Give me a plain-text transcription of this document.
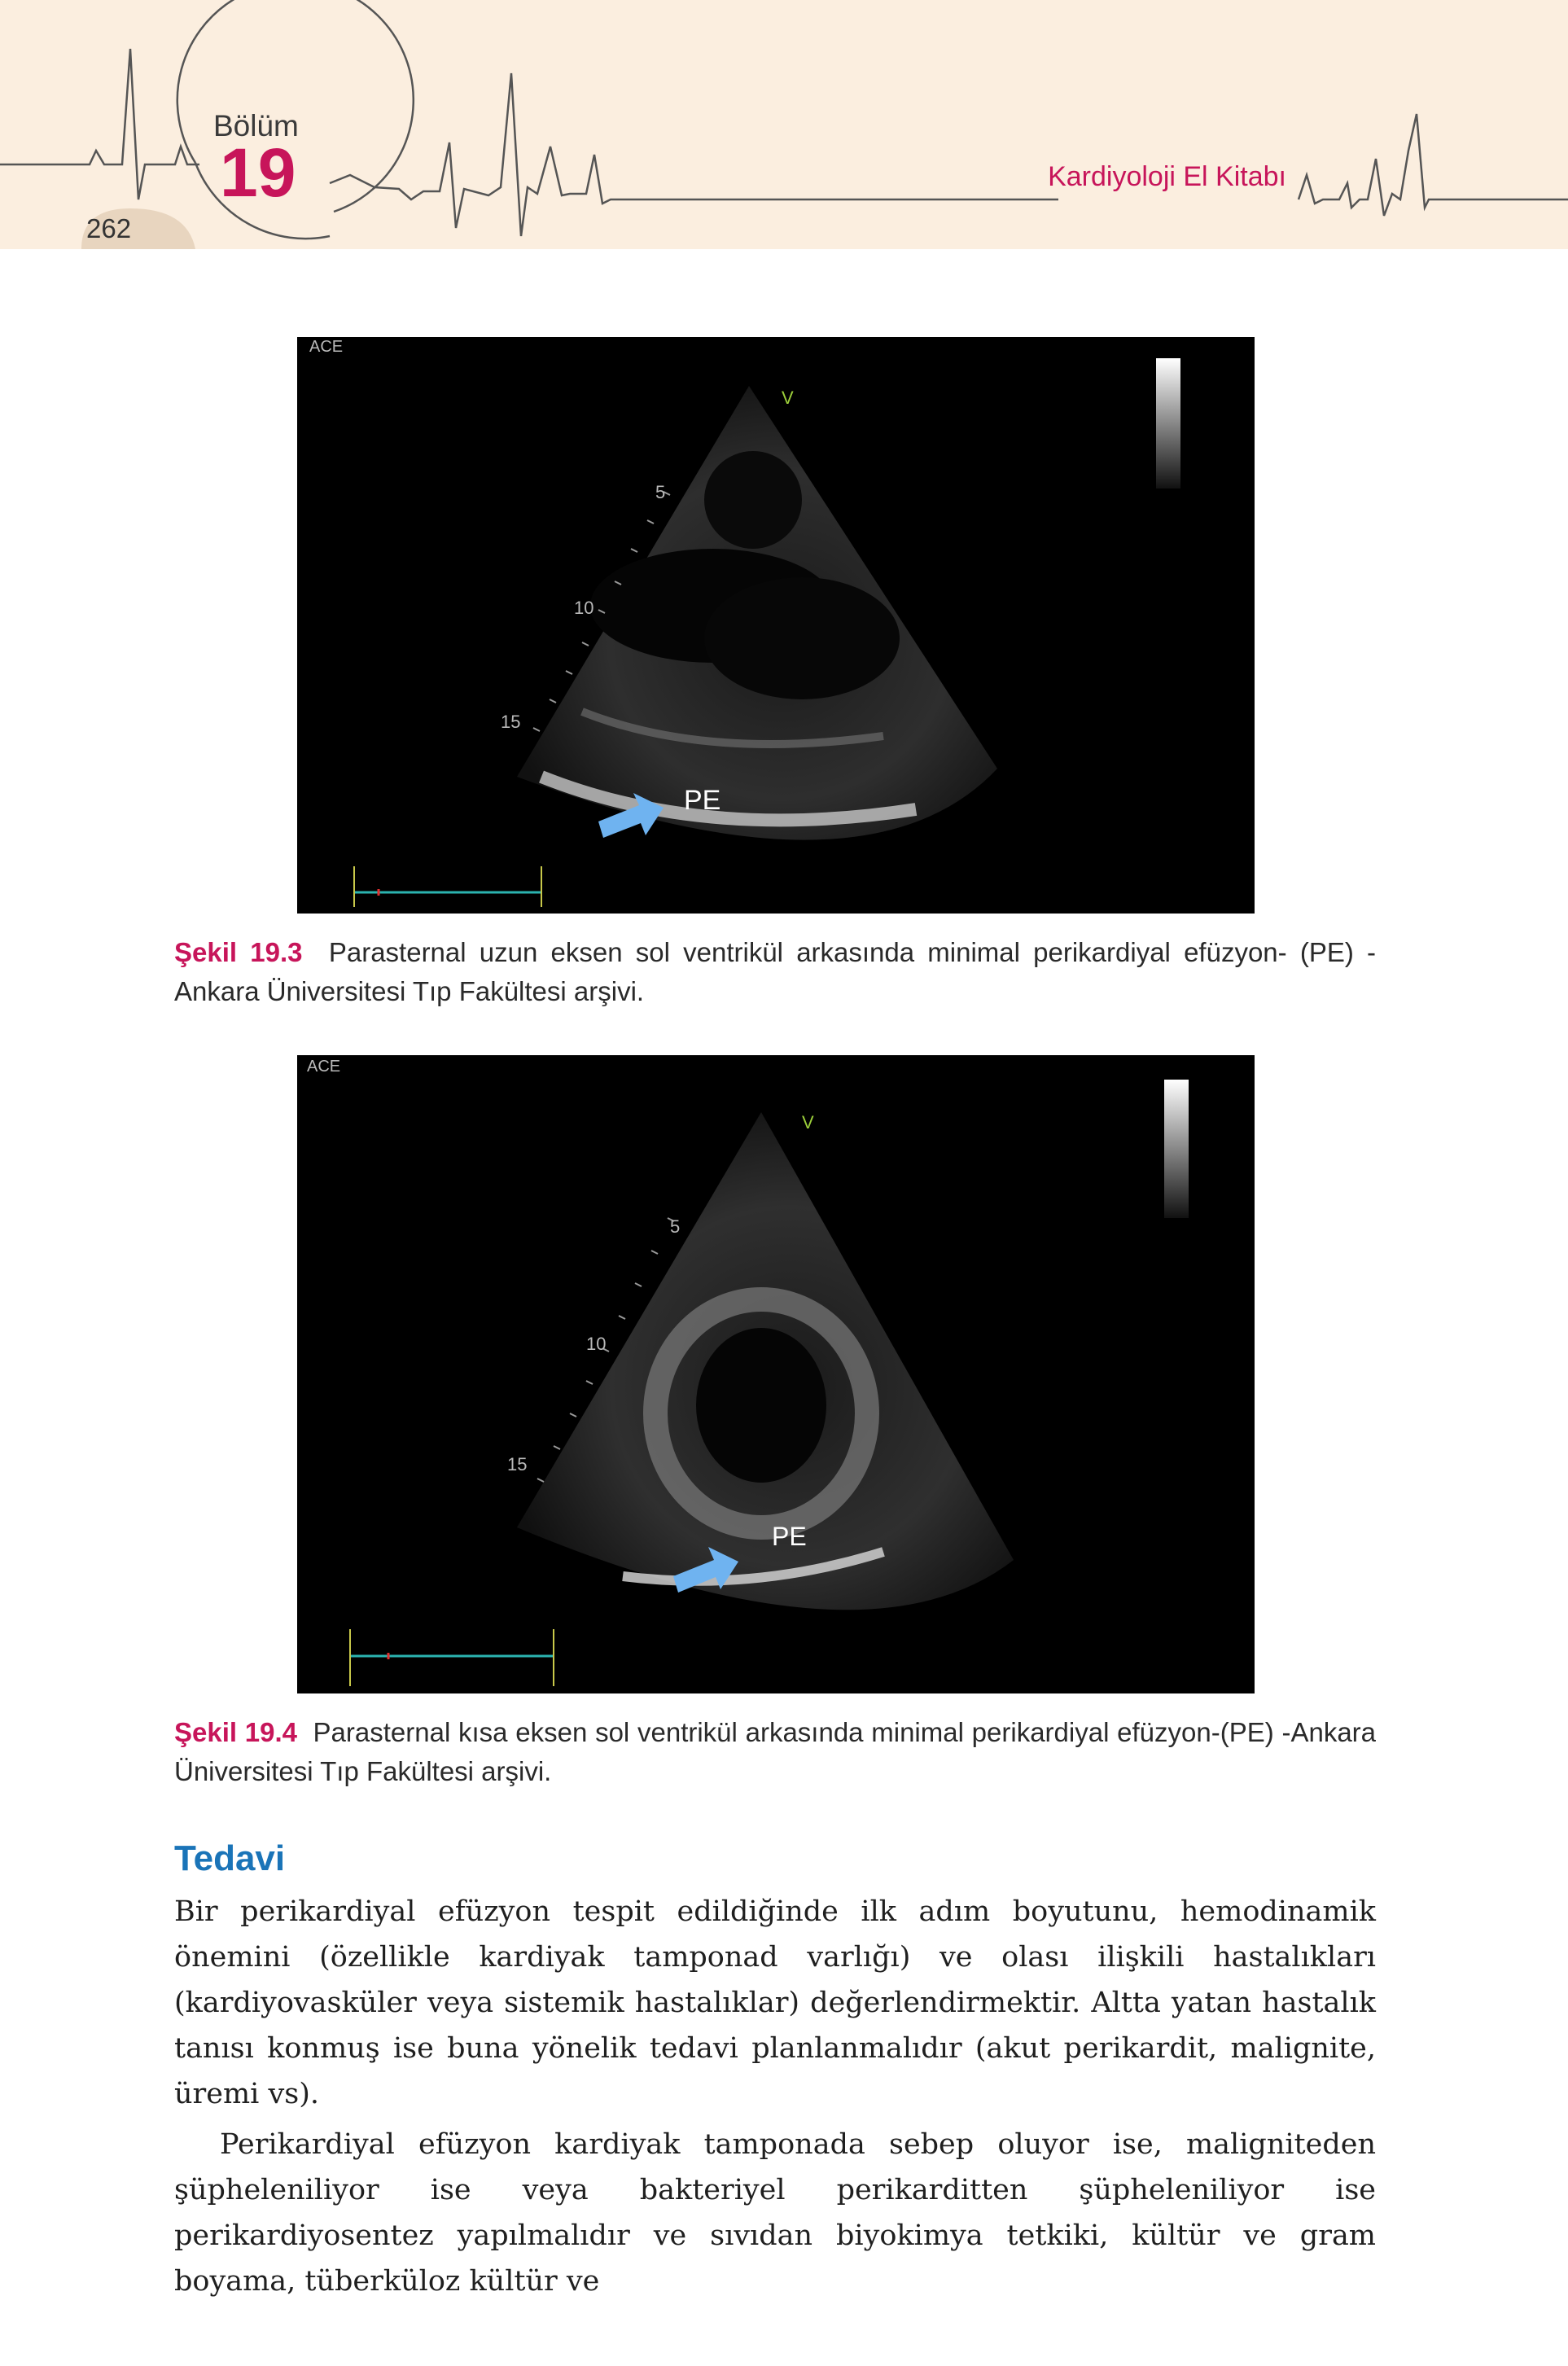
Bölüm
19	Kardiyoloji El Kitabı
262
ACE
V
5
10
15
PE
Şekil 19.3 Parasternal uzun eksen sol ventrikül arkasında minimal perikardiyal efüzyon- (PE) -Ankara Üniversitesi Tıp Fakültesi arşivi.
ACE
V
5
10
15
PE
Şekil 19.4 Parasternal kısa eksen sol ventrikül arkasında minimal perikardiyal efüzyon-(PE) -Ankara Üniversitesi Tıp Fakültesi arşivi.
Tedavi

Bir perikardiyal efüzyon tespit edildiğinde ilk adım boyutunu, hemodinamik önemini (özellikle kardiyak tamponad varlığı) ve olası ilişkili hastalıkları (kardiyovasküler veya sistemik hastalıklar) değerlendirmektir. Altta yatan hastalık tanısı konmuş ise buna yönelik tedavi planlanmalıdır (akut perikardit, malignite, üremi vs).

Perikardiyal efüzyon kardiyak tamponada sebep oluyor ise, maligniteden şüpheleniliyor ise veya bakteriyel perikarditten şüpheleniliyor ise perikardiyosentez yapılmalıdır ve sıvıdan biyokimya tetkiki, kültür ve gram boyama, tüberküloz kültür ve
